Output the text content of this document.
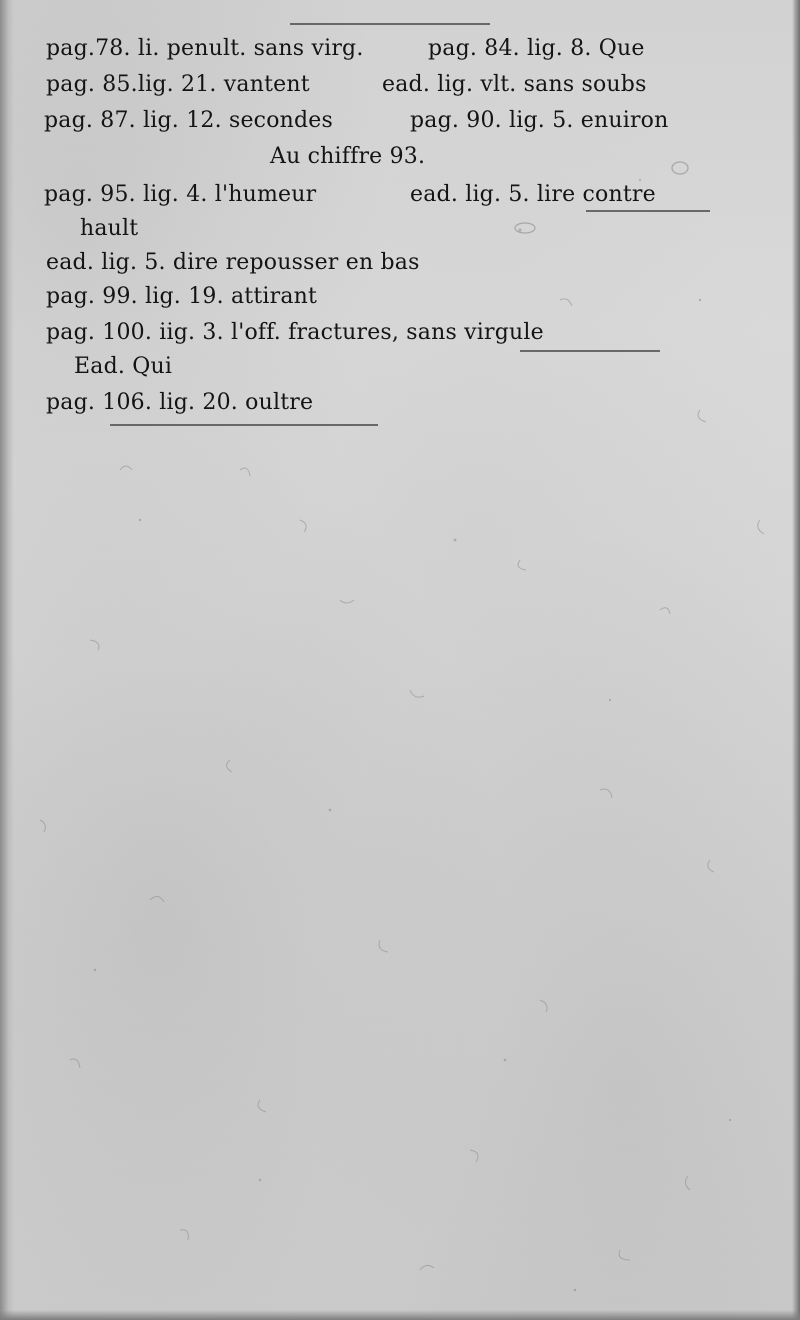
pag.78. li. penult. sans virg.	pag. 84. lig. 8. Que
pag. 85.lig. 21. vantent	ead. lig. vlt. sans soubs
pag. 87. lig. 12. secondes	pag. 90. lig. 5. enuiron
Au chiffre 93.
pag. 95. lig. 4. l'humeur	ead. lig. 5. lire contre
hault
ead. lig. 5. dire repousser en bas
pag. 99. lig. 19. attirant
pag. 100. iig. 3. l'off. fractures, sans virgule
Ead. Qui
pag. 106. lig. 20. oultre
